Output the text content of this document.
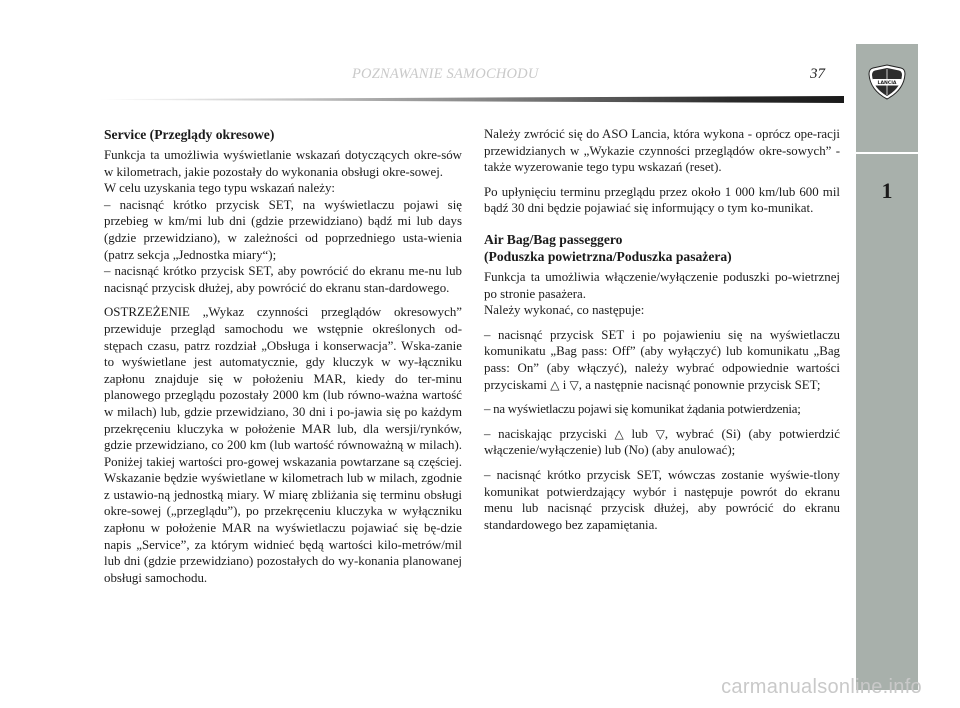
POZNAWANIE SAMOCHODU	37
LANCIA
1
Service (Przeglądy okresowe)

Funkcja ta umożliwia wyświetlanie wskazań dotyczących okre-sów w kilometrach, jakie pozostały do wykonania obsługi okre-sowej.

W celu uzyskania tego typu wskazań należy:

– nacisnąć krótko przycisk SET, na wyświetlaczu pojawi się przebieg w km/mi lub dni (gdzie przewidziano) bądź mi lub days (gdzie przewidziano), w zależności od poprzedniego usta-wienia (patrz sekcja „Jednostka miary“);

– nacisnąć krótko przycisk SET, aby powrócić do ekranu me-nu lub nacisnąć przycisk dłużej, aby powrócić do ekranu stan-dardowego.

OSTRZEŻENIE „Wykaz czynności przeglądów okresowych” przewiduje przegląd samochodu we wstępnie określonych od-stępach czasu, patrz rozdział „Obsługa i konserwacja”. Wska-zanie to wyświetlane jest automatycznie, gdy kluczyk w wy-łączniku zapłonu znajduje się w położeniu MAR, kiedy do ter-minu planowego przeglądu pozostały 2000 km (lub równo-ważna wartość w milach) lub, gdzie przewidziano, 30 dni i po-jawia się po każdym przekręceniu kluczyka w położenie MAR lub, dla wersji/rynków, gdzie przewidziano, co 200 km (lub wartość równoważną w milach). Poniżej takiej wartości pro-gowej wskazania powtarzane są częściej. Wskazanie będzie wyświetlane w kilometrach lub w milach, zgodnie z ustawio-ną jednostką miary. W miarę zbliżania się terminu obsługi okre-sowej („przeglądu”), po przekręceniu kluczyka w wyłączniku zapłonu w położenie MAR na wyświetlaczu pojawiać się bę-dzie napis „Service”, za którym widnieć będą wartości kilo-metrów/mil lub dni (gdzie przewidziano) pozostałych do wy-konania planowanej obsługi samochodu.

Należy zwrócić się do ASO Lancia, która wykona - oprócz ope-racji przewidzianych w „Wykazie czynności przeglądów okre-sowych” - także wyzerowanie tego typu wskazań (reset).

Po upłynięciu terminu przeglądu przez około 1 000 km/lub 600 mil bądź 30 dni będzie pojawiać się informujący o tym ko-munikat.

Air Bag/Bag passeggero
(Poduszka powietrzna/Poduszka pasażera)

Funkcja ta umożliwia włączenie/wyłączenie poduszki po-wietrznej po stronie pasażera.

Należy wykonać, co następuje:

– nacisnąć przycisk SET i po pojawieniu się na wyświetlaczu komunikatu „Bag pass: Off” (aby wyłączyć) lub komunikatu „Bag pass: On” (aby włączyć), należy wybrać odpowiednie wartości przyciskami △ i ▽, a następnie nacisnąć ponownie przycisk SET;

– na wyświetlaczu pojawi się komunikat żądania potwierdzenia;

– naciskając przyciski △ lub ▽, wybrać (Si) (aby potwierdzić włączenie/wyłączenie) lub (No) (aby anulować);

– nacisnąć krótko przycisk SET, wówczas zostanie wyświe-tlony komunikat potwierdzający wybór i następuje powrót do ekranu menu lub nacisnąć przycisk dłużej, aby powrócić do ekranu standardowego bez zapamiętania.

carmanualsonline.info
